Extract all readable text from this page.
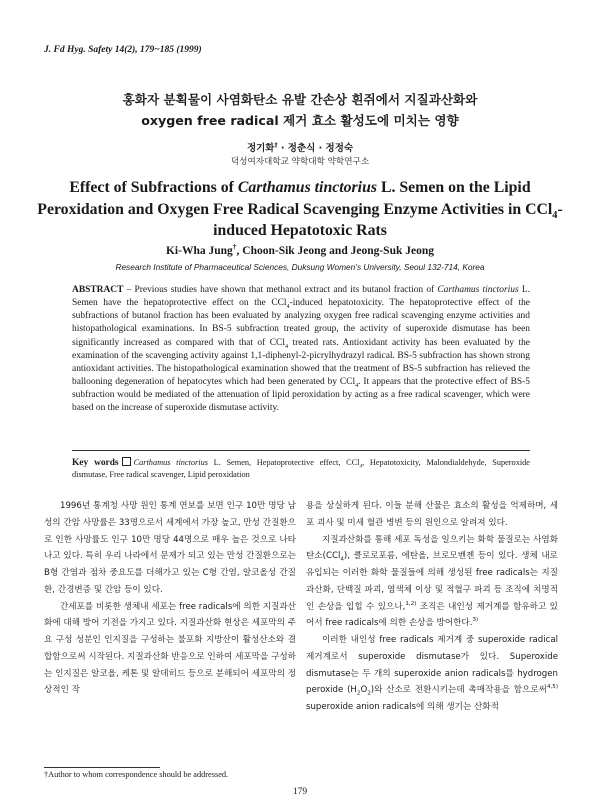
J. Fd Hyg. Safety 14(2), 179~185 (1999)
홍화자 분획물이 사염화탄소 유발 간손상 흰쥐에서 지질과산화와
oxygen free radical 제거 효소 활성도에 미치는 영향
정기화† · 정춘식 · 정정숙
덕성여자대학교 약학대학 약학연구소
Effect of Subfractions of Carthamus tinctorius L. Semen on the Lipid Peroxidation and Oxygen Free Radical Scavenging Enzyme Activities in CCl$_4$-induced Hepatotoxic Rats
Ki-Wha Jung†, Choon-Sik Jeong and Jeong-Suk Jeong
Research Institute of Pharmaceutical Sciences, Duksung Women’s University, Seoul 132-714, Korea
ABSTRACT – Previous studies have shown that methanol extract and its butanol fraction of Carthamus tinctorius L. Semen have the hepatoprotective effect on the CCl$_4$-induced hepatotoxicity. The hepatoprotective effect of the subfractions of butanol fraction has been evaluated by analyzing oxygen free radical scavenging enzyme activities and histopathological examinations. In BS-5 subfraction treated group, the activity of superoxide dismutase has been significantly increased as compared with that of CCl$_4$ treated rats. Antioxidant activity has been evaluated by the examination of the scavenging activity against 1,1-diphenyl-2-picrylhydrazyl radical. BS-5 subfraction has shown strong antioxidant activities. The histopathological examination showed that the treatment of BS-5 subfraction has relieved the ballooning degeneration of hepatocytes which had been generated by CCl$_4$. It appears that the protective effect of BS-5 subfraction would be mediated of the attenuation of lipid peroxidation by acting as a free radical scavenger, which were based on the increase of superoxide dismutase activity.
Key words Carthamus tinctorius L. Semen, Hepatoprotective effect, CCl$_4$, Hepatotoxicity, Malondialdehyde, Superoxide dismutase, Free radical scavenger, Lipid peroxidation

1996년 통계청 사망 원인 통계 연보를 보면 인구 10만 명당 남성의 간암 사망률은 33명으로서 세계에서 가장 높고, 만성 간질환으로 인한 사망률도 인구 10만 명당 44명으로 매우 높은 것으로 나타나고 있다. 특히 우리 나라에서 문제가 되고 있는 만성 간질환으로는 B형 간염과 점차 중요도를 더해가고 있는 C형 간염, 알코올성 간질환, 간경변증 및 간암 등이 있다.

간세포를 비롯한 생체내 세포는 free radicals에 의한 지질과산화에 대해 방어 기전을 가지고 있다. 지질과산화 현상은 세포막의 주요 구성 성분인 인지질을 구성하는 불포화 지방산이 활성산소와 결합함으로써 시작된다. 지질과산화 반응으로 인하여 세포막을 구성하는 인지질은 알코올, 케톤 및 알데히드 등으로 분해되어 세포막의 정상적인 작

용을 상실하게 된다. 이들 분해 산물은 효소의 활성을 억제하며, 세포 괴사 및 미세 혈관 병변 등의 원인으로 알려져 있다.

지질과산화를 통해 세포 독성을 일으키는 화학 물질로는 사염화탄소(CCl$_4$), 클로로포름, 에탄올, 브로모벤젠 등이 있다. 생체 내로 유입되는 이러한 화학 물질들에 의해 생성된 free radicals는 지질과산화, 단백질 파괴, 염색체 이상 및 적혈구 파괴 등 조직에 치명적인 손상을 입힐 수 있으나,$^{1,2)}$ 조직은 내인성 제거계를 함유하고 있어서 free radicals에 의한 손상을 방어한다.$^{3)}$

이러한 내인성 free radicals 제거계 중 superoxide radical 제거계로서 superoxide dismutase가 있다. Superoxide dismutase는 두 개의 superoxide anion radicals를 hydrogen peroxide $(H_2O_2)$와 산소로 전환시키는데 촉매작용을 함으로써$^{4,5)}$ superoxide anion radicals에 의해 생기는 산화적

†Author to whom correspondence should be addressed.
179
